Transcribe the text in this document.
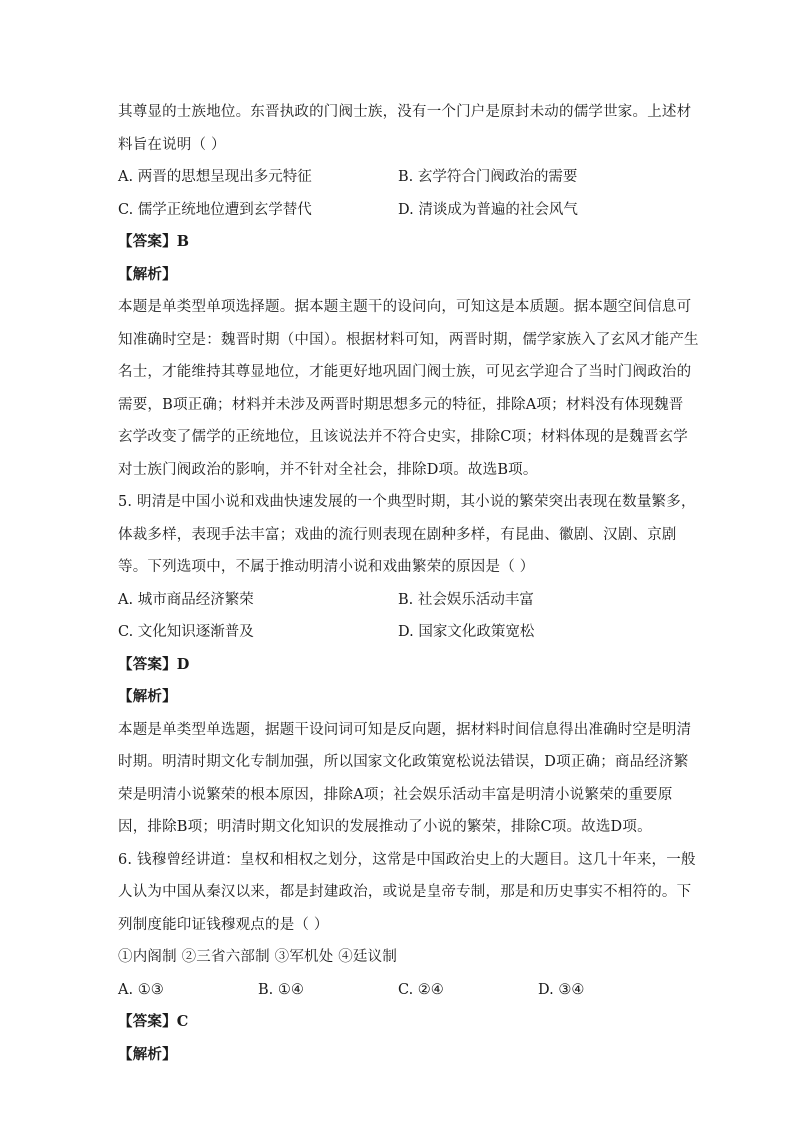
其尊显的士族地位。东晋执政的门阀士族，没有一个门户是原封未动的儒学世家。上述材
料旨在说明（ ）
A. 两晋的思想呈现出多元特征	B. 玄学符合门阀政治的需要
C. 儒学正统地位遭到玄学替代	D. 清谈成为普遍的社会风气
【答案】B
【解析】
本题是单类型单项选择题。据本题主题干的设问向，可知这是本质题。据本题空间信息可
知准确时空是：魏晋时期（中国）。根据材料可知，两晋时期，儒学家族入了玄风才能产生
名士，才能维持其尊显地位，才能更好地巩固门阀士族，可见玄学迎合了当时门阀政治的
需要，B项正确；材料并未涉及两晋时期思想多元的特征，排除A项；材料没有体现魏晋
玄学改变了儒学的正统地位，且该说法并不符合史实，排除C项；材料体现的是魏晋玄学
对士族门阀政治的影响，并不针对全社会，排除D项。故选B项。
5. 明清是中国小说和戏曲快速发展的一个典型时期，其小说的繁荣突出表现在数量繁多，
体裁多样，表现手法丰富；戏曲的流行则表现在剧种多样，有昆曲、徽剧、汉剧、京剧
等。下列选项中，不属于推动明清小说和戏曲繁荣的原因是（ ）
A. 城市商品经济繁荣	B. 社会娱乐活动丰富
C. 文化知识逐渐普及	D. 国家文化政策宽松
【答案】D
【解析】
本题是单类型单选题，据题干设问词可知是反向题，据材料时间信息得出准确时空是明清
时期。明清时期文化专制加强，所以国家文化政策宽松说法错误，D项正确；商品经济繁
荣是明清小说繁荣的根本原因，排除A项；社会娱乐活动丰富是明清小说繁荣的重要原
因，排除B项；明清时期文化知识的发展推动了小说的繁荣，排除C项。故选D项。
6. 钱穆曾经讲道：皇权和相权之划分，这常是中国政治史上的大题目。这几十年来，一般
人认为中国从秦汉以来，都是封建政治，或说是皇帝专制，那是和历史事实不相符的。下
列制度能印证钱穆观点的是（ ）
①内阁制 ②三省六部制 ③军机处 ④廷议制
A. ①③	B. ①④	C. ②④	D. ③④
【答案】C
【解析】
